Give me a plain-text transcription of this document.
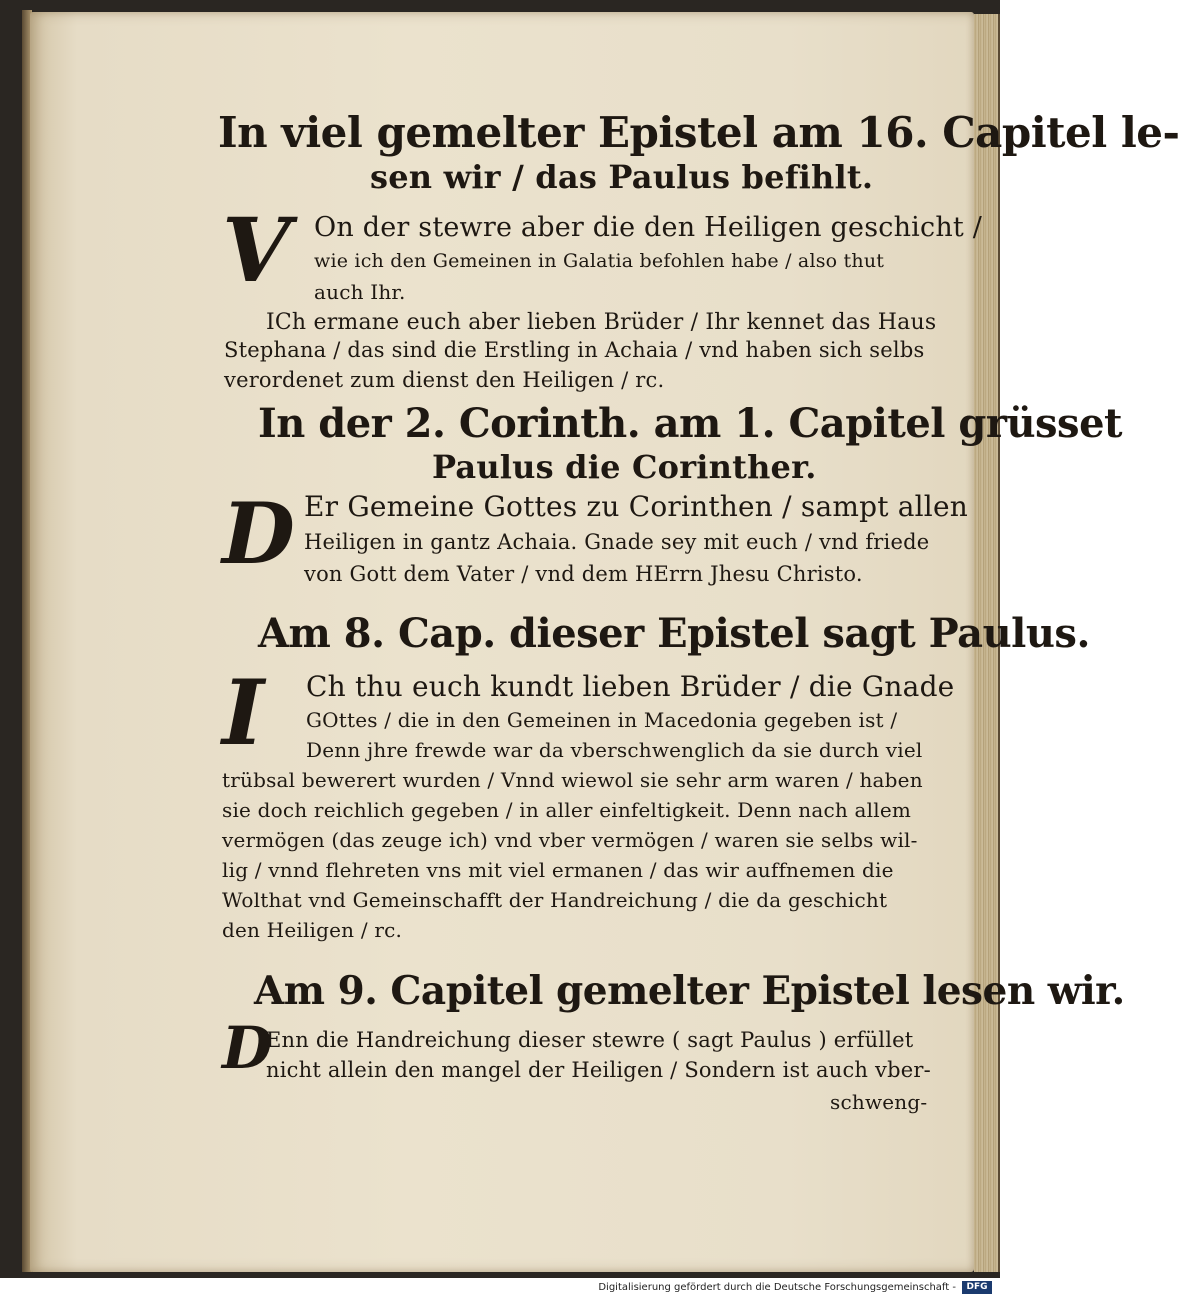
In viel gemelter Epistel am 16. Capitel le-
sen wir / das Paulus befihlt.
V On der stewre aber die den Heiligen geschicht /
wie ich den Gemeinen in Galatia befohlen habe / also thut
auch Ihr.
ICh ermane euch aber lieben Brüder / Ihr kennet das Haus
Stephana / das sind die Erstling in Achaia / vnd haben sich selbs
verordenet zum dienst den Heiligen / rc.
In der 2. Corinth. am 1. Capitel grüsset
Paulus die Corinther.
D Er Gemeine Gottes zu Corinthen / sampt allen
Heiligen in gantz Achaia. Gnade sey mit euch / vnd friede
von Gott dem Vater / vnd dem HErrn Jhesu Christo.
Am 8. Cap. dieser Epistel sagt Paulus.
I Ch thu euch kundt lieben Brüder / die Gnade
GOttes / die in den Gemeinen in Macedonia gegeben ist /
Denn jhre frewde war da vberschwenglich da sie durch viel
trübsal bewerert wurden / Vnnd wiewol sie sehr arm waren / haben
sie doch reichlich gegeben / in aller einfeltigkeit. Denn nach allem
vermögen (das zeuge ich) vnd vber vermögen / waren sie selbs wil-
lig / vnnd flehreten vns mit viel ermanen / das wir auffnemen die
Wolthat vnd Gemeinschafft der Handreichung / die da geschicht
den Heiligen / rc.
Am 9. Capitel gemelter Epistel lesen wir.
D
Enn die Handreichung dieser stewre ( sagt Paulus ) erfüllet
nicht allein den mangel der Heiligen / Sondern ist auch vber-
schweng-
Digitalisierung gefördert durch die Deutsche Forschungsgemeinschaft -	DFG
